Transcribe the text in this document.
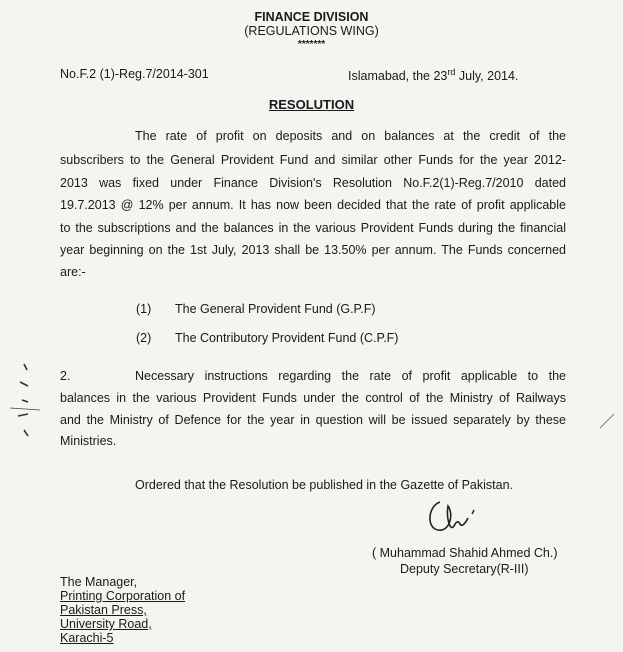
FINANCE DIVISION
(REGULATIONS WING)
*******
No.F.2 (1)-Reg.7/2014-301	Islamabad, the 23rd July, 2014.
RESOLUTION
The rate of profit on deposits and on balances at the credit of the
subscribers to the General Provident Fund and similar other Funds for the year 2012-
2013 was fixed under Finance Division's Resolution No.F.2(1)-Reg.7/2010 dated
19.7.2013 @ 12% per annum. It has now been decided that the rate of profit applicable
to the subscriptions and the balances in the various Provident Funds during the financial
year beginning on the 1st July, 2013 shall be 13.50% per annum. The Funds concerned
are:-
(1) The General Provident Fund (G.P.F)
(2) The Contributory Provident Fund (C.P.F)
2.	Necessary instructions regarding the rate of profit applicable to the
balances in the various Provident Funds under the control of the Ministry of Railways
and the Ministry of Defence for the year in question will be issued separately by these
Ministries.
Ordered that the Resolution be published in the Gazette of Pakistan.
( Muhammad Shahid Ahmed Ch.)
Deputy Secretary(R-III)
The Manager,
Printing Corporation of
Pakistan Press,
University Road,
Karachi-5
